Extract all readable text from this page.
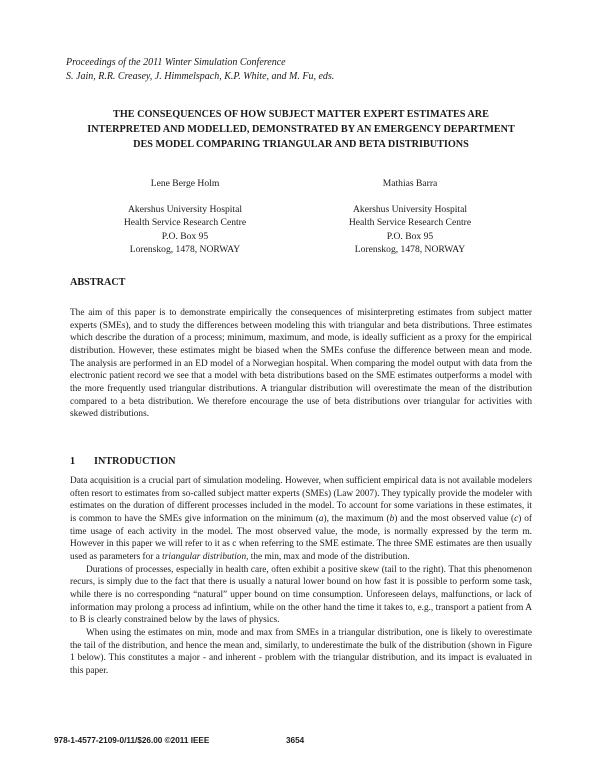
Proceedings of the 2011 Winter Simulation Conference
S. Jain, R.R. Creasey, J. Himmelspach, K.P. White, and M. Fu, eds.
THE CONSEQUENCES OF HOW SUBJECT MATTER EXPERT ESTIMATES ARE
INTERPRETED AND MODELLED, DEMONSTRATED BY AN EMERGENCY DEPARTMENT
DES MODEL COMPARING TRIANGULAR AND BETA DISTRIBUTIONS
Lene Berge Holm
Akershus University Hospital
Health Service Research Centre
P.O. Box 95
Lorenskog, 1478, NORWAY
Mathias Barra
Akershus University Hospital
Health Service Research Centre
P.O. Box 95
Lorenskog, 1478, NORWAY
ABSTRACT

The aim of this paper is to demonstrate empirically the consequences of misinterpreting estimates from subject matter experts (SMEs), and to study the differences between modeling this with triangular and beta distributions. Three estimates which describe the duration of a process; minimum, maximum, and mode, is ideally sufficient as a proxy for the empirical distribution. However, these estimates might be biased when the SMEs confuse the difference between mean and mode. The analysis are performed in an ED model of a Norwegian hospital. When comparing the model output with data from the electronic patient record we see that a model with beta distributions based on the SME estimates outperforms a model with the more frequently used triangular distributions. A triangular distribution will overestimate the mean of the distribution compared to a beta distribution. We therefore encourage the use of beta distributions over triangular for activities with skewed distributions.

1 INTRODUCTION

Data acquisition is a crucial part of simulation modeling. However, when sufficient empirical data is not available modelers often resort to estimates from so-called subject matter experts (SMEs) (Law 2007). They typically provide the modeler with estimates on the duration of different processes included in the model. To account for some variations in these estimates, it is common to have the SMEs give information on the minimum (a), the maximum (b) and the most observed value (c) of time usage of each activity in the model. The most observed value, the mode, is normally expressed by the term m. However in this paper we will refer to it as c when referring to the SME estimate. The three SME estimates are then usually used as parameters for a triangular distribution, the min, max and mode of the distribution.

Durations of processes, especially in health care, often exhibit a positive skew (tail to the right). That this phenomenon recurs, is simply due to the fact that there is usually a natural lower bound on how fast it is possible to perform some task, while there is no corresponding “natural” upper bound on time consumption. Unforeseen delays, malfunctions, or lack of information may prolong a process ad infintium, while on the other hand the time it takes to, e.g., transport a patient from A to B is clearly constrained below by the laws of physics.

When using the estimates on min, mode and max from SMEs in a triangular distribution, one is likely to overestimate the tail of the distribution, and hence the mean and, similarly, to underestimate the bulk of the distribution (shown in Figure 1 below). This constitutes a major - and inherent - problem with the triangular distribution, and its impact is evaluated in this paper.

978-1-4577-2109-0/11/$26.00 ©2011 IEEE	3654
